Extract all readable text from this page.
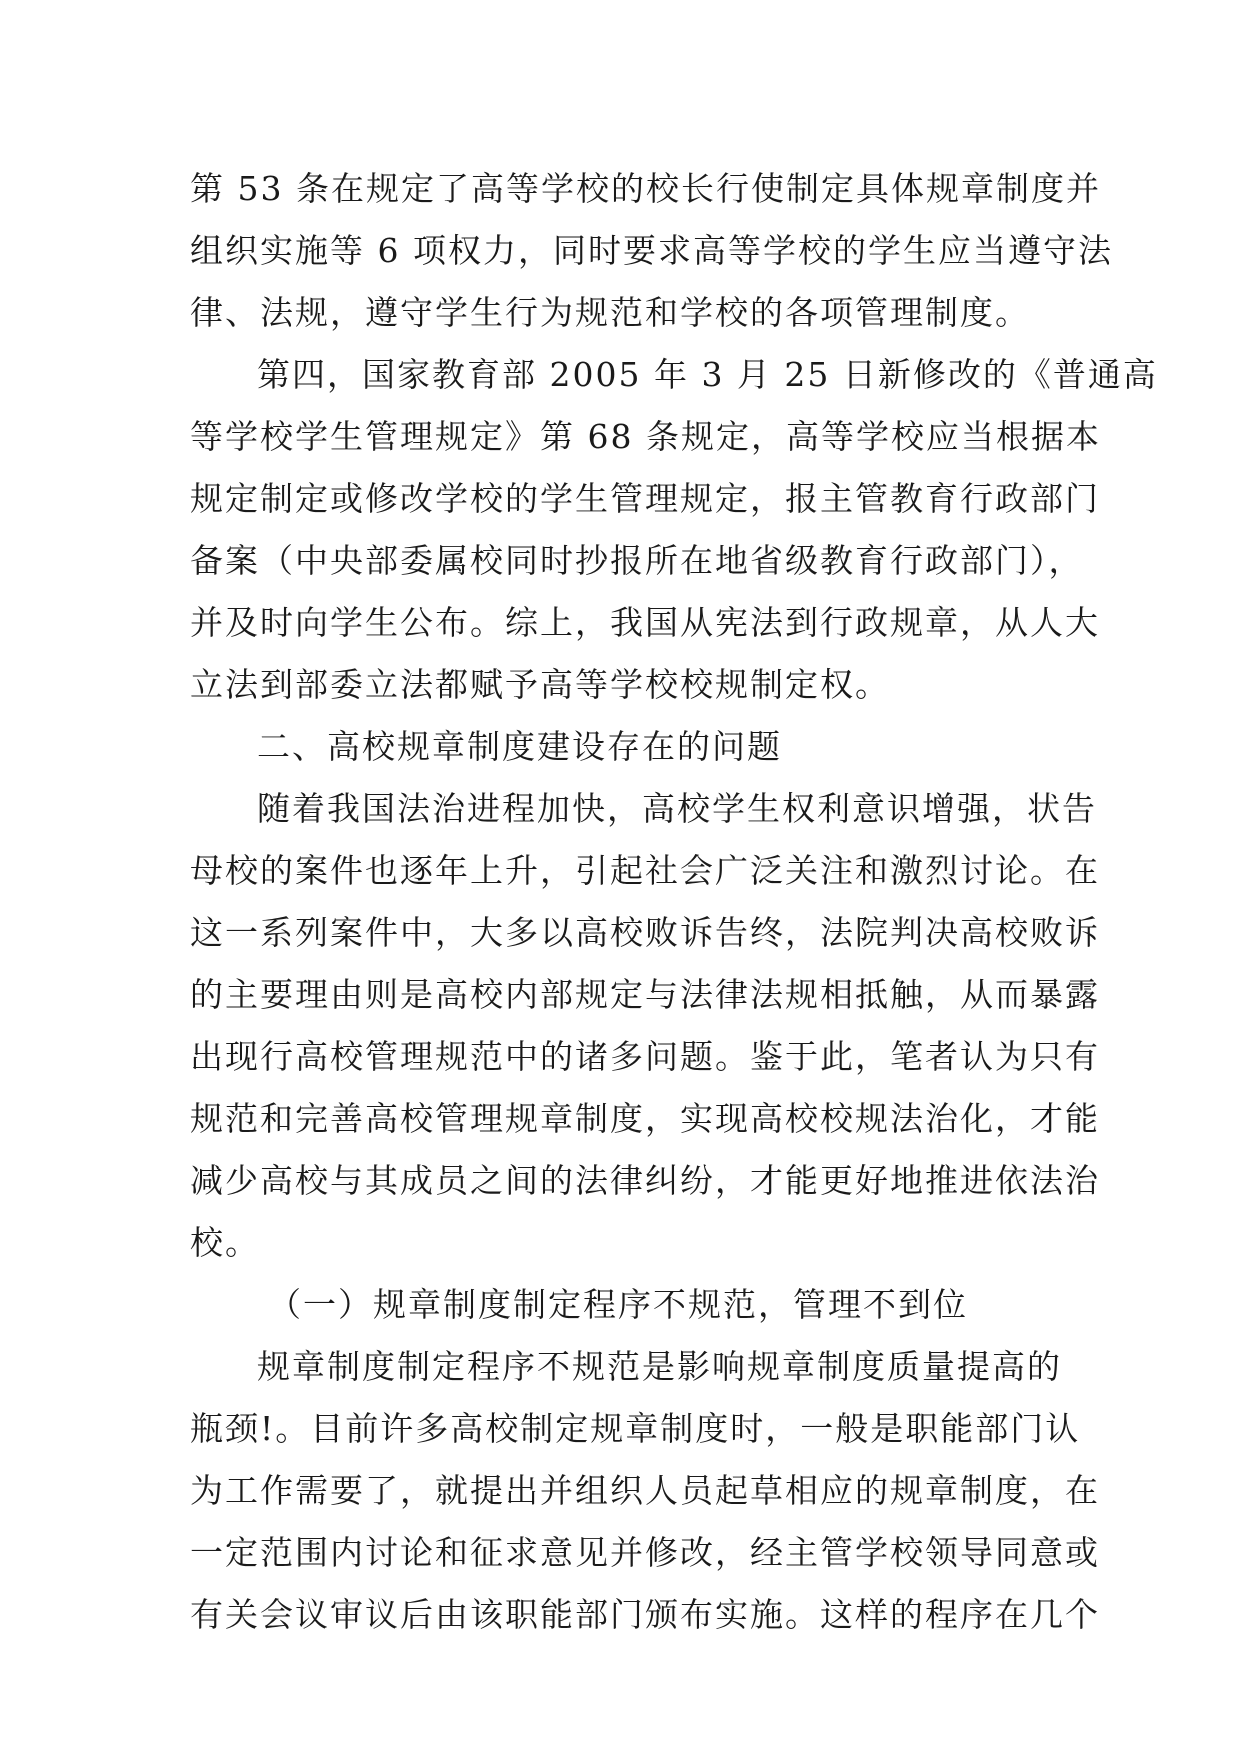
第 53 条在规定了高等学校的校长行使制定具体规章制度并
组织实施等 6 项权力，同时要求高等学校的学生应当遵守法
律、法规，遵守学生行为规范和学校的各项管理制度。
第四，国家教育部 2005 年 3 月 25 日新修改的《普通高
等学校学生管理规定》第 68 条规定，高等学校应当根据本
规定制定或修改学校的学生管理规定，报主管教育行政部门
备案（中央部委属校同时抄报所在地省级教育行政部门），
并及时向学生公布。综上，我国从宪法到行政规章，从人大
立法到部委立法都赋予高等学校校规制定权。
二、高校规章制度建设存在的问题
随着我国法治进程加快，高校学生权利意识增强，状告
母校的案件也逐年上升，引起社会广泛关注和激烈讨论。在
这一系列案件中，大多以高校败诉告终，法院判决高校败诉
的主要理由则是高校内部规定与法律法规相抵触，从而暴露
出现行高校管理规范中的诸多问题。鉴于此，笔者认为只有
规范和完善高校管理规章制度，实现高校校规法治化，才能
减少高校与其成员之间的法律纠纷，才能更好地推进依法治
校。
（一）规章制度制定程序不规范，管理不到位
规章制度制定程序不规范是影响规章制度质量提高的
瓶颈!。目前许多高校制定规章制度时，一般是职能部门认
为工作需要了，就提出并组织人员起草相应的规章制度，在
一定范围内讨论和征求意见并修改，经主管学校领导同意或
有关会议审议后由该职能部门颁布实施。这样的程序在几个
